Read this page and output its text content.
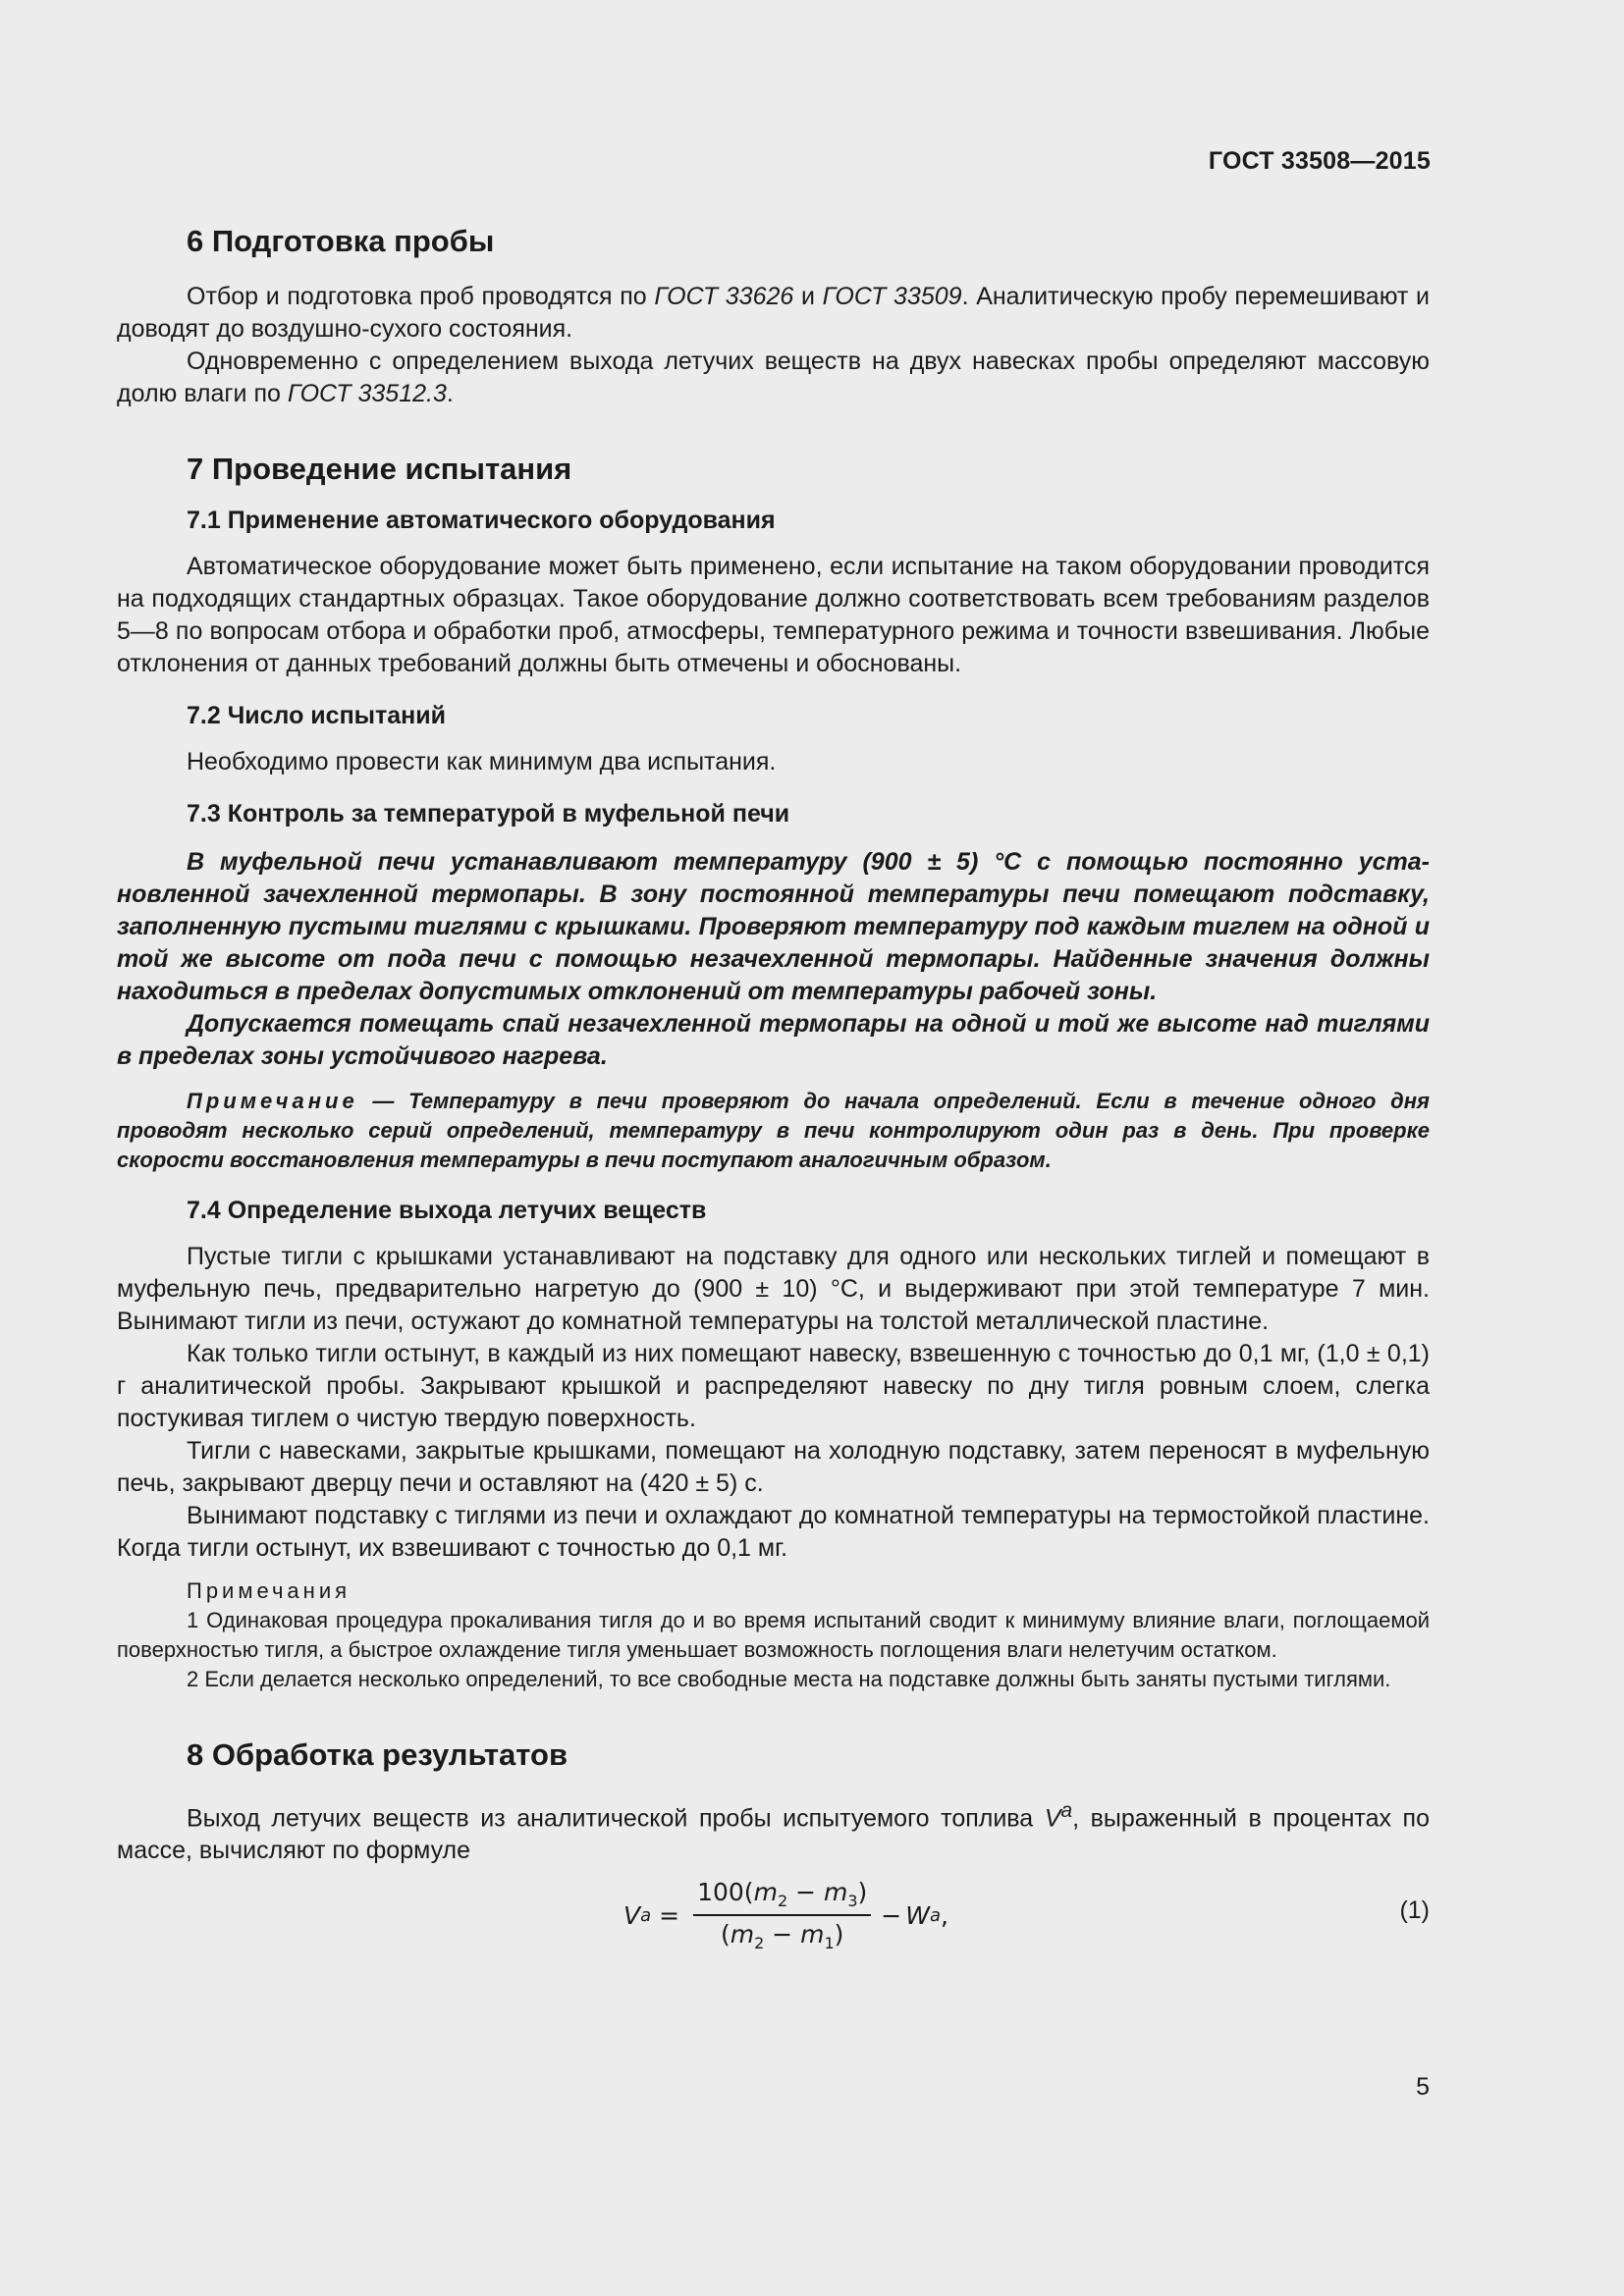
ГОСТ 33508—2015
6 Подготовка пробы

Отбор и подготовка проб проводятся по ГОСТ 33626 и ГОСТ 33509. Аналитическую пробу перемешивают и доводят до воздушно-сухого состояния.

Одновременно с определением выхода летучих веществ на двух навесках пробы определяют массовую долю влаги по ГОСТ 33512.3.

7 Проведение испытания
7.1 Применение автоматического оборудования

Автоматическое оборудование может быть применено, если испытание на таком оборудовании проводится на подходящих стандартных образцах. Такое оборудование должно соответствовать всем требованиям разделов 5—8 по вопросам отбора и обработки проб, атмосферы, температурного режима и точности взвешивания. Любые отклонения от данных требований должны быть отмечены и обоснованы.

7.2 Число испытаний

Необходимо провести как минимум два испытания.

7.3 Контроль за температурой в муфельной печи

В муфельной печи устанавливают температуру (900 ± 5) °С с помощью постоянно установленной зачехленной термопары. В зону постоянной температуры печи помещают подставку, заполненную пустыми тиглями с крышками. Проверяют температуру под каждым тиглем на одной и той же высоте от пода печи с помощью незачехленной термопары. Найденные значения должны находиться в пределах допустимых отклонений от температуры рабочей зоны.

Допускается помещать спай незачехленной термопары на одной и той же высоте над тиглями в пределах зоны устойчивого нагрева.

Примечание — Температуру в печи проверяют до начала определений. Если в течение одного дня проводят несколько серий определений, температуру в печи контролируют один раз в день. При проверке скорости восстановления температуры в печи поступают аналогичным образом.

7.4 Определение выхода летучих веществ

Пустые тигли с крышками устанавливают на подставку для одного или нескольких тиглей и помещают в муфельную печь, предварительно нагретую до (900 ± 10) °С, и выдерживают при этой температуре 7 мин. Вынимают тигли из печи, остужают до комнатной температуры на толстой металлической пластине.

Как только тигли остынут, в каждый из них помещают навеску, взвешенную с точностью до 0,1 мг, (1,0 ± 0,1) г аналитической пробы. Закрывают крышкой и распределяют навеску по дну тигля ровным слоем, слегка постукивая тиглем о чистую твердую поверхность.

Тигли с навесками, закрытые крышками, помещают на холодную подставку, затем переносят в муфельную печь, закрывают дверцу печи и оставляют на (420 ± 5) с.

Вынимают подставку с тиглями из печи и охлаждают до комнатной температуры на термостойкой пластине. Когда тигли остынут, их взвешивают с точностью до 0,1 мг.

Примечания

1 Одинаковая процедура прокаливания тигля до и во время испытаний сводит к минимуму влияние влаги, поглощаемой поверхностью тигля, а быстрое охлаждение тигля уменьшает возможность поглощения влаги нелетучим остатком.

2 Если делается несколько определений, то все свободные места на подставке должны быть заняты пустыми тиглями.

8 Обработка результатов

Выход летучих веществ из аналитической пробы испытуемого топлива $V^a$, выраженный в процентах по массе, вычисляют по формуле

V $a = \frac{100(m_2 - m_3)}{(m_2 - m_1)} - W$ a ,	(1)
5
